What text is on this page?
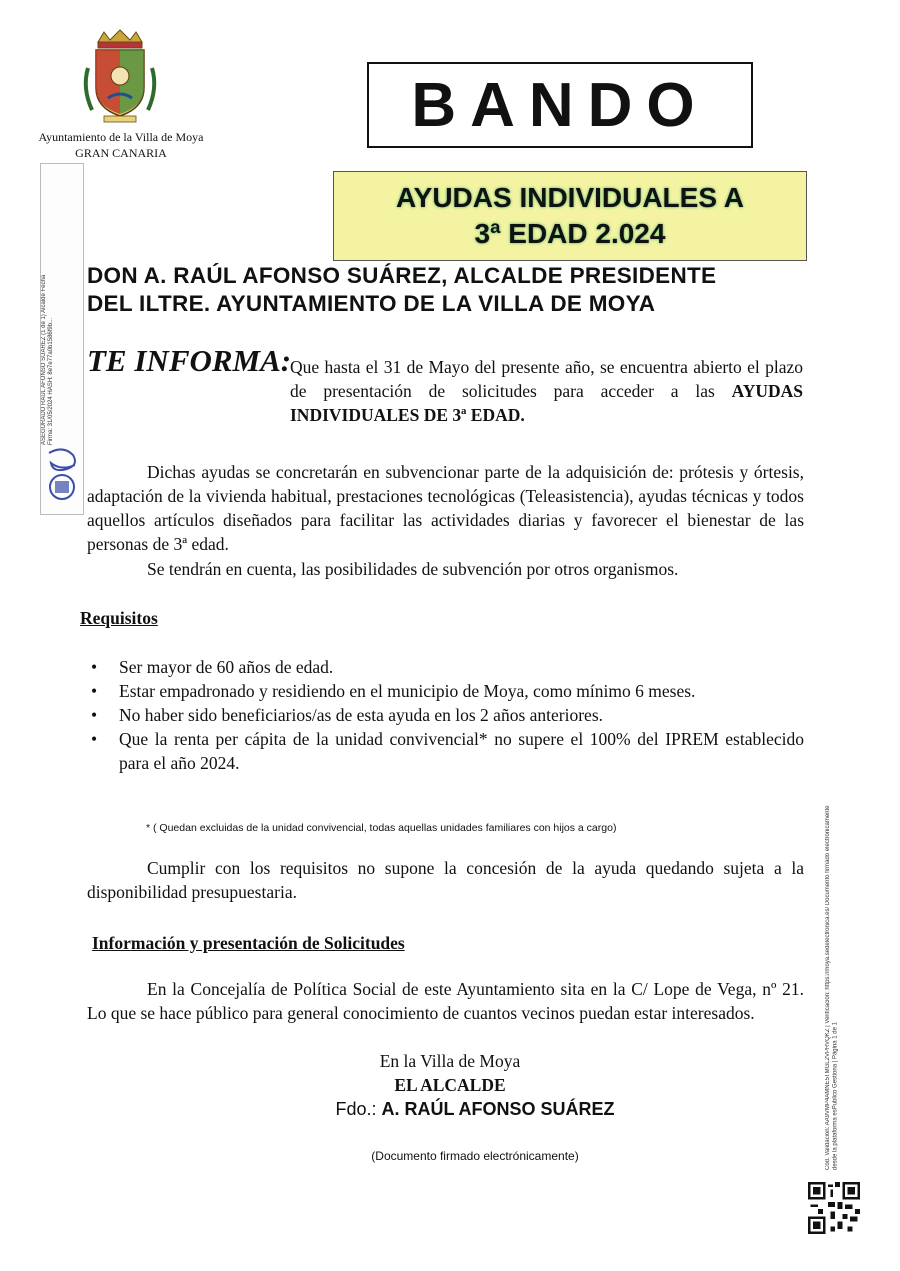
Ayuntamiento de la Villa de Moya
GRAN CANARIA
BANDO
AYUDAS INDIVIDUALES A
3ª EDAD 2.024
ASEGURADO RAÚL AFONSO SUÁREZ (1 de 1) Alcalde Fecha Firma: 31/05/2024 HASH: 8e7e77a0b1586f9b...
DON A. RAÚL AFONSO SUÁREZ, ALCALDE PRESIDENTE
DEL ILTRE. AYUNTAMIENTO DE LA VILLA DE MOYA
TE INFORMA:
Que hasta el 31 de Mayo del presente año, se encuentra abierto el plazo de presentación de solicitudes para acceder a las AYUDAS INDIVIDUALES DE 3ª EDAD.
Dichas ayudas se concretarán en subvencionar parte de la adquisición de: prótesis y órtesis, adaptación de la vivienda habitual, prestaciones tecnológicas (Teleasistencia), ayudas técnicas y todos aquellos artículos diseñados para facilitar las actividades diarias y favorecer el bienestar de las personas de 3ª edad.
Se tendrán en cuenta, las posibilidades de subvención por otros organismos.
Requisitos
• Ser mayor de 60 años de edad.
• Estar empadronado y residiendo en el municipio de Moya, como mínimo 6 meses.
• No haber sido beneficiarios/as de esta ayuda en los 2 años anteriores.
• Que la renta per cápita de la unidad convivencial* no supere el 100% del IPREM establecido para el año 2024.
* ( Quedan excluidas de la unidad convivencial, todas aquellas unidades familiares con hijos a cargo)
Cumplir con los requisitos no supone la concesión de la ayuda quedando sujeta a la disponibilidad presupuestaria.
Información y presentación de Solicitudes
En la Concejalía de Política Social de este Ayuntamiento sita en la C/ Lope de Vega, nº 21. Lo que se hace público para general conocimiento de cuantos vecinos puedan estar interesados.
En la Villa de Moya
EL ALCALDE
Fdo.: A. RAÚL AFONSO SUÁREZ
(Documento firmado electrónicamente)	Cód. Validación: AA9VMP4AMNE5TMGL2VPRVQKZ | Verificación: https://moya.sedelectronica.es/ Documento firmado electrónicamente desde la plataforma esPublico Gestiona | Página 1 de 1
